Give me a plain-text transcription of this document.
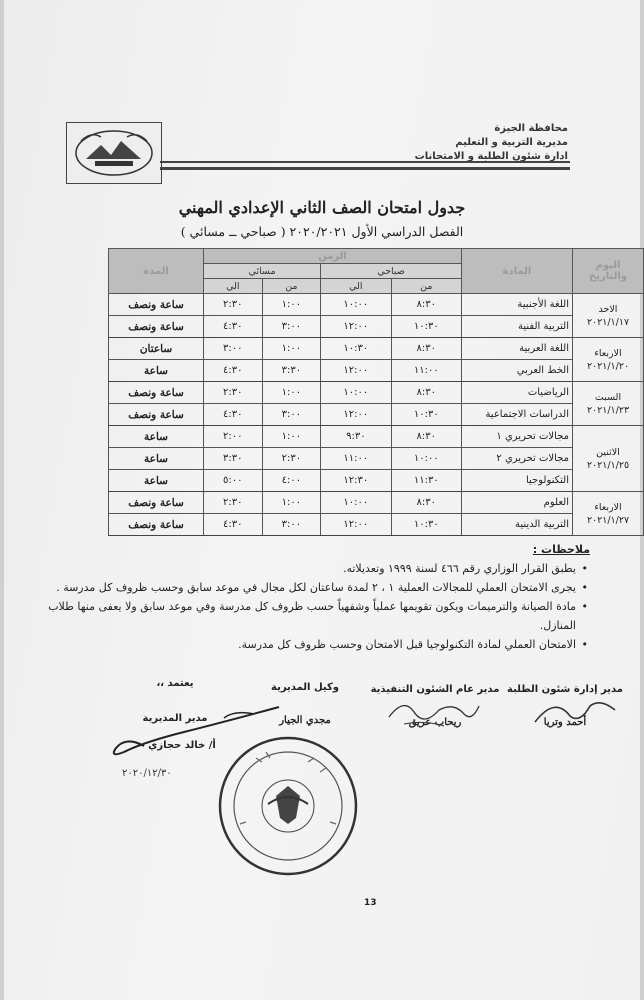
محافظة الجيزة
مديرية التربية و التعليم
ادارة شئون الطلبة و الامتحانات
جدول امتحان الصف الثاني الإعدادي المهني
الفصل الدراسي الأول ٢٠٢٠/٢٠٢١ ( صباحي ــ مسائي )
اليوم والتاريخ	المادة	الزمن				المدة
		صباحي		مسائي		
		من	الي	من	الي	

الاحد
٢٠٢١/١/١٧	اللغة الأجنبية	٨:٣٠	١٠:٠٠	١:٠٠	٢:٣٠	ساعة ونصف
	التربية الفنية	١٠:٣٠	١٢:٠٠	٣:٠٠	٤:٣٠	ساعة ونصف

الاربعاء
٢٠٢١/١/٢٠	اللغة العربية	٨:٣٠	١٠:٣٠	١:٠٠	٣:٠٠	ساعتان
	الخط العربي	١١:٠٠	١٢:٠٠	٣:٣٠	٤:٣٠	ساعة

السبت
٢٠٢١/١/٢٣	الرياضيات	٨:٣٠	١٠:٠٠	١:٠٠	٢:٣٠	ساعة ونصف
	الدراسات الاجتماعية	١٠:٣٠	١٢:٠٠	٣:٠٠	٤:٣٠	ساعة ونصف

الاثنين
٢٠٢١/١/٢٥	مجالات تحريري ١	٨:٣٠	٩:٣٠	١:٠٠	٢:٠٠	ساعة
	مجالات تحريري ٢	١٠:٠٠	١١:٠٠	٢:٣٠	٣:٣٠	ساعة
	التكنولوجيا	١١:٣٠	١٢:٣٠	٤:٠٠	٥:٠٠	ساعة

الاربعاء
٢٠٢١/١/٢٧	العلوم	٨:٣٠	١٠:٠٠	١:٠٠	٢:٣٠	ساعة ونصف
	التربية الدينية	١٠:٣٠	١٢:٠٠	٣:٠٠	٤:٣٠	ساعة ونصف
ملاحظات :
• يطبق القرار الوزاري رقم ٤٦٦ لسنة ١٩٩٩ وتعديلاته.
• يجرى الامتحان العملي للمجالات العملية ١ ، ٢ لمدة ساعتان لكل مجال في موعد سابق وحسب ظروف كل مدرسة .
• مادة الصيانة والترميمات ويكون تقويمها عملياً وشفهياً حسب ظروف كل مدرسة وفي موعد سابق ولا يعفى منها طلاب المنازل.
• الامتحان العملي لمادة التكنولوجيا قبل الامتحان وحسب ظروف كل مدرسة.
مدير إدارة شئون الطلبة
أحمد وتريا
مدير عام الشئون التنفيذية
ريحاب عريق
وكيل المديرية
مجدي الجيار
يعتمد ،،
مدير المديرية
أ/ خالد حجازي
٢٠٢٠/١٢/٣٠
13
